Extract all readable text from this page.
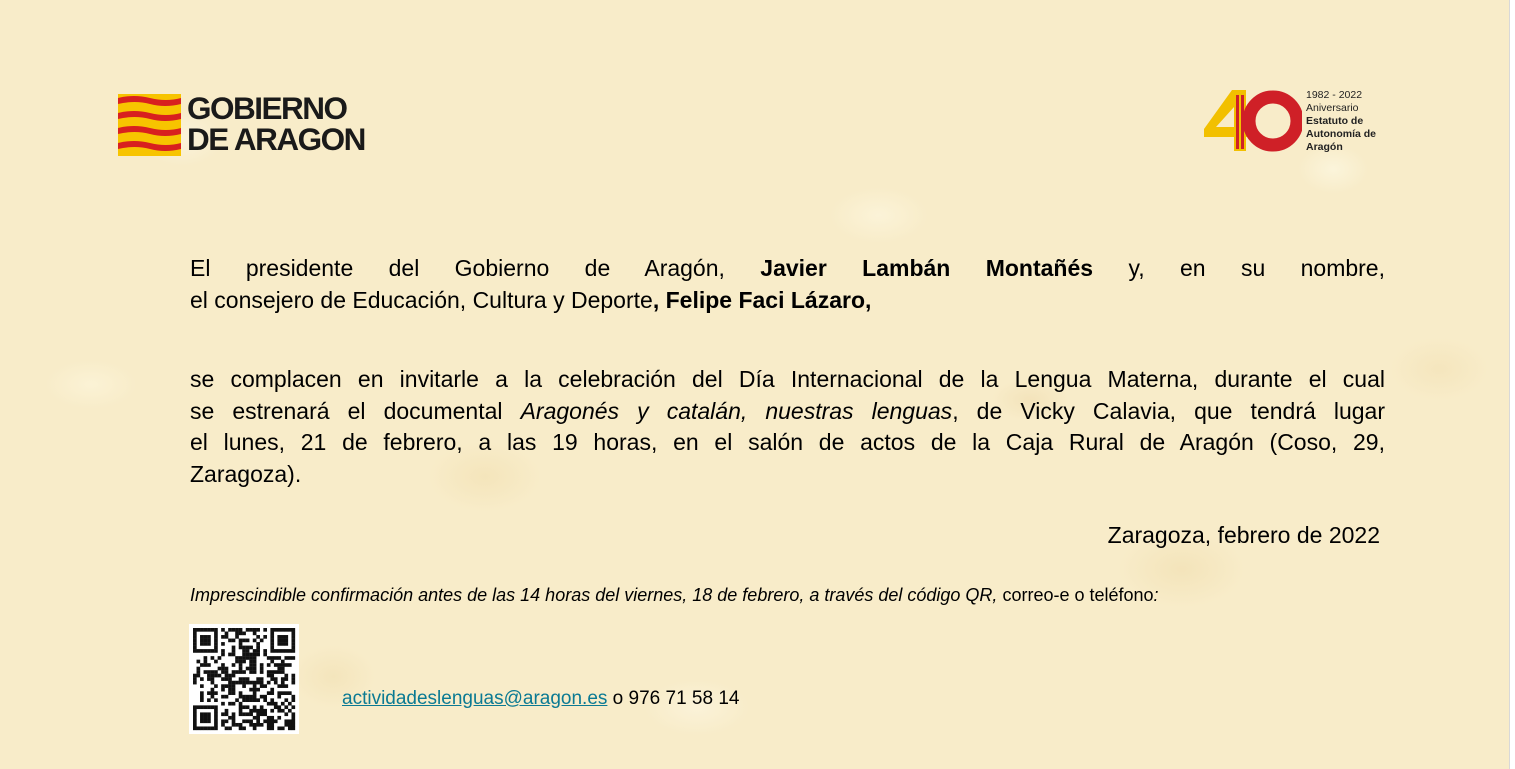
GOBIERNO
DE ARAGON
1982 - 2022
Aniversario
Estatuto de
Autonomía de
Aragón
El presidente del Gobierno de Aragón, Javier Lambán Montañés y, en su nombre,
el consejero de Educación, Cultura y Deporte, Felipe Faci Lázaro,
se complacen en invitarle a la celebración del Día Internacional de la Lengua Materna, durante el cual
se estrenará el documental Aragonés y catalán, nuestras lenguas, de Vicky Calavia, que tendrá lugar
el lunes, 21 de febrero, a las 19 horas, en el salón de actos de la Caja Rural de Aragón (Coso, 29,
Zaragoza).
Zaragoza, febrero de 2022
Imprescindible confirmación antes de las 14 horas del viernes, 18 de febrero, a través del código QR, correo-e o teléfono:
actividadeslenguas@aragon.es o 976 71 58 14
